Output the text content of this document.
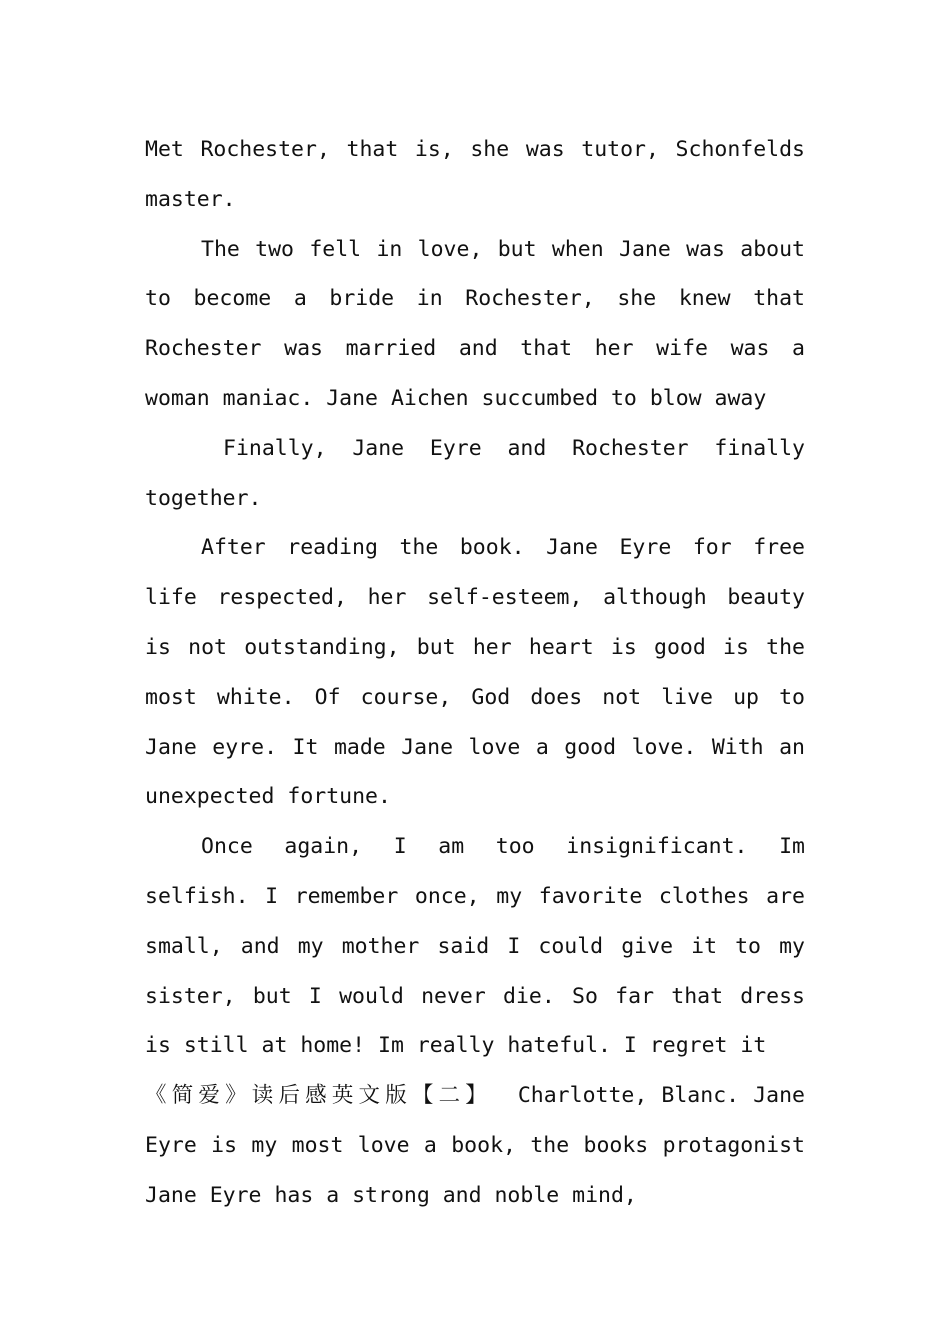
Met Rochester, that is, she was tutor, Schonfelds master.

The two fell in love, but when Jane was about to become a bride in Rochester, she knew that Rochester was married and that her wife was a woman maniac. Jane Aichen succumbed to blow away

Finally, Jane Eyre and Rochester finally together.

After reading the book. Jane Eyre for free life respected, her self-esteem, although beauty is not outstanding, but her heart is good is the most white. Of course, God does not live up to Jane eyre. It made Jane love a good love. With an unexpected fortune.

Once again, I am too insignificant. Im selfish. I remember once, my favorite clothes are small, and my mother said I could give it to my sister, but I would never die. So far that dress is still at home! Im really hateful. I regret it

《简爱》读后感英文版【二】   Charlotte, Blanc. Jane Eyre is my most love a book, the books protagonist Jane Eyre has a strong and noble mind,
